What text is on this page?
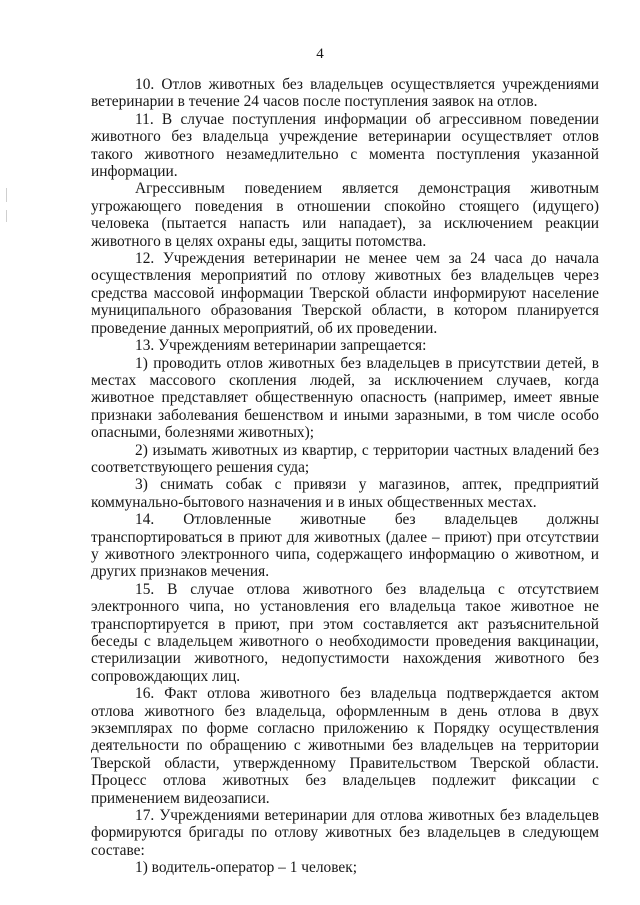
4

10. Отлов животных без владельцев осуществляется учреждениями ветеринарии в течение 24 часов после поступления заявок на отлов.

11. В случае поступления информации об агрессивном поведении животного без владельца учреждение ветеринарии осуществляет отлов такого животного незамедлительно с момента поступления указанной информации.

Агрессивным поведением является демонстрация животным угрожающего поведения в отношении спокойно стоящего (идущего) человека (пытается напасть или нападает), за исключением реакции животного в целях охраны еды, защиты потомства.

12. Учреждения ветеринарии не менее чем за 24 часа до начала осуществления мероприятий по отлову животных без владельцев через средства массовой информации Тверской области информируют население муниципального образования Тверской области, в котором планируется проведение данных мероприятий, об их проведении.

13. Учреждениям ветеринарии запрещается:

1) проводить отлов животных без владельцев в присутствии детей, в местах массового скопления людей, за исключением случаев, когда животное представляет общественную опасность (например, имеет явные признаки заболевания бешенством и иными заразными, в том числе особо опасными, болезнями животных);

2) изымать животных из квартир, с территории частных владений без соответствующего решения суда;

3) снимать собак с привязи у магазинов, аптек, предприятий коммунально-бытового назначения и в иных общественных местах.

14. Отловленные животные без владельцев должны транспортироваться в приют для животных (далее – приют) при отсутствии у животного электронного чипа, содержащего информацию о животном, и других признаков мечения.

15. В случае отлова животного без владельца с отсутствием электронного чипа, но установления его владельца такое животное не транспортируется в приют, при этом составляется акт разъяснительной беседы с владельцем животного о необходимости проведения вакцинации, стерилизации животного, недопустимости нахождения животного без сопровождающих лиц.

16. Факт отлова животного без владельца подтверждается актом отлова животного без владельца, оформленным в день отлова в двух экземплярах по форме согласно приложению к Порядку осуществления деятельности по обращению с животными без владельцев на территории Тверской области, утвержденному Правительством Тверской области. Процесс отлова животных без владельцев подлежит фиксации с применением видеозаписи.

17. Учреждениями ветеринарии для отлова животных без владельцев формируются бригады по отлову животных без владельцев в следующем составе:

1) водитель-оператор – 1 человек;
